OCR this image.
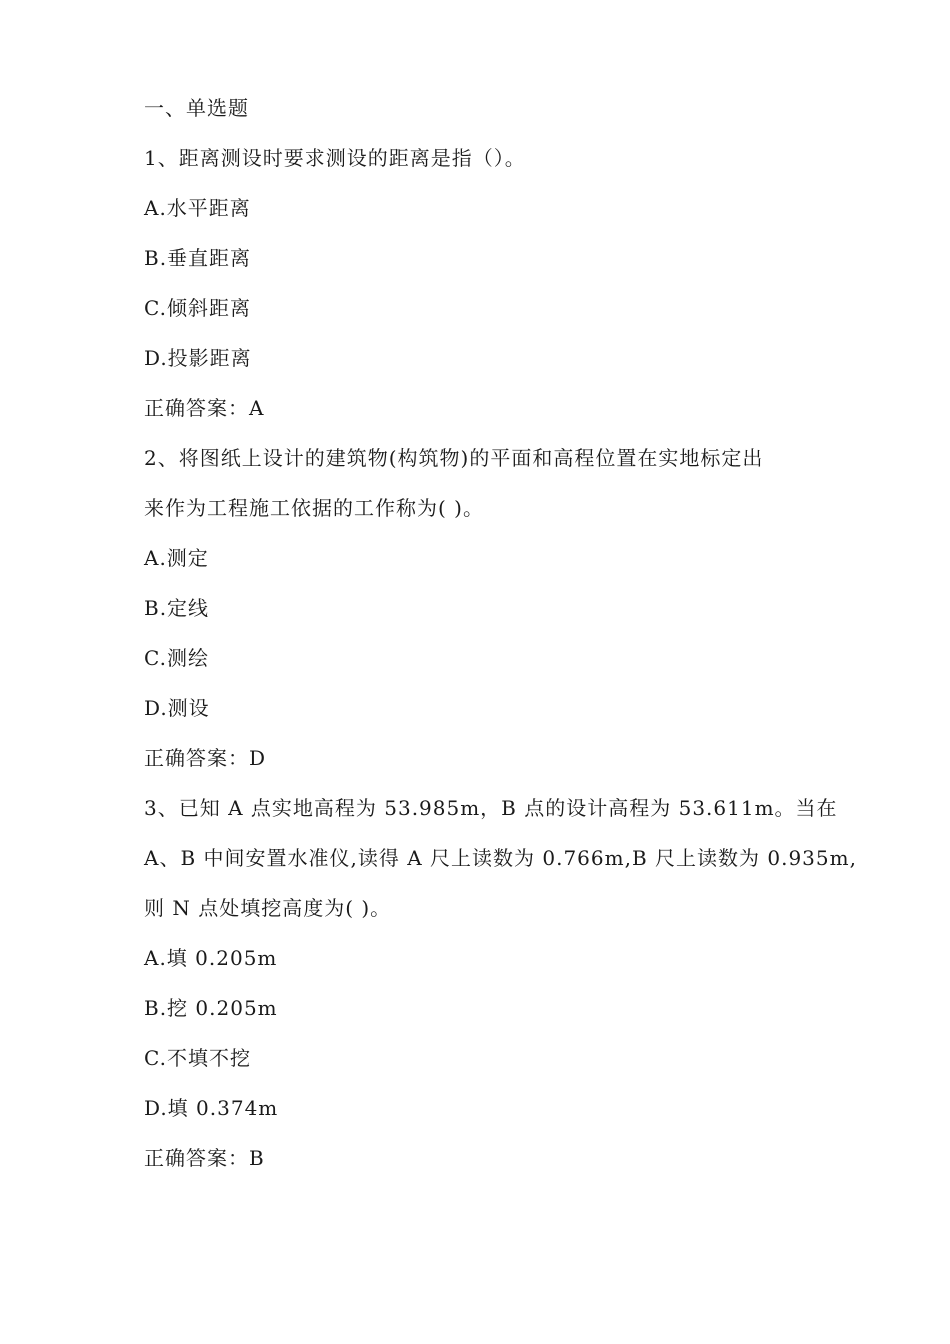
一、单选题
1、距离测设时要求测设的距离是指（）。
A.水平距离
B.垂直距离
C.倾斜距离
D.投影距离
正确答案：A
2、将图纸上设计的建筑物(构筑物)的平面和高程位置在实地标定出
来作为工程施工依据的工作称为( )。
A.测定
B.定线
C.测绘
D.测设
正确答案：D
3、已知 A 点实地高程为 53.985m，B 点的设计高程为 53.611m。当在
A、B 中间安置水准仪,读得 A 尺上读数为 0.766m,B 尺上读数为 0.935m,
则 N 点处填挖高度为( )。
A.填 0.205m
B.挖 0.205m
C.不填不挖
D.填 0.374m
正确答案：B
